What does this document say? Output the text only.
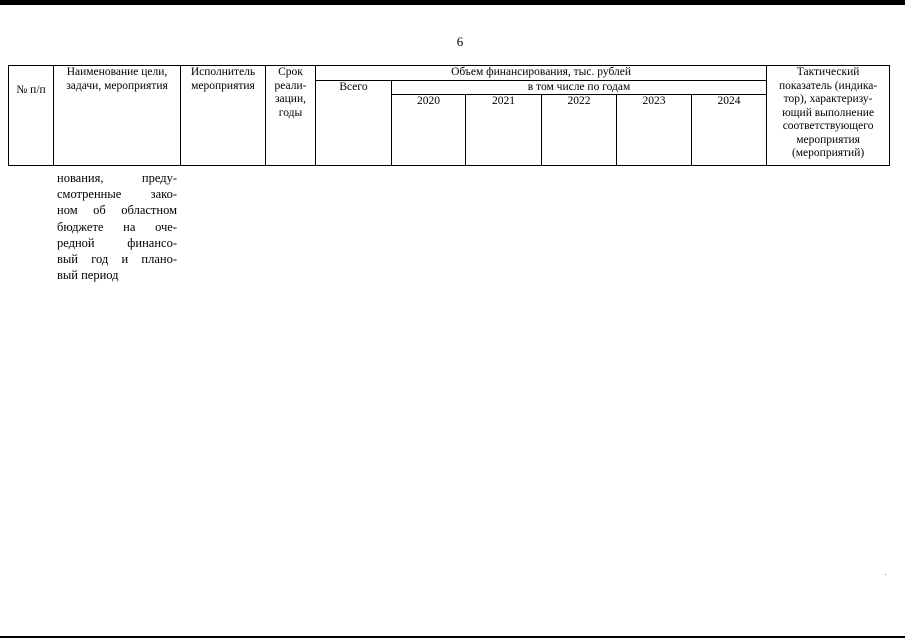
6
№ п/п	Наименование цели, задачи, мероприятия	Исполнитель мероприятия	Срок реали-зации, годы	Объем финансирования, тыс. рублей						Тактический показатель (индика-тор), характеризу-ющий выполнение соответствующего мероприятия (мероприятий)
				Всего	в том числе по годам					
					2020	2021	2022	2023	2024	
нования, преду-
смотренные зако-
ном об областном
бюджете на оче-
редной финансо-
вый год и плано-
вый период
